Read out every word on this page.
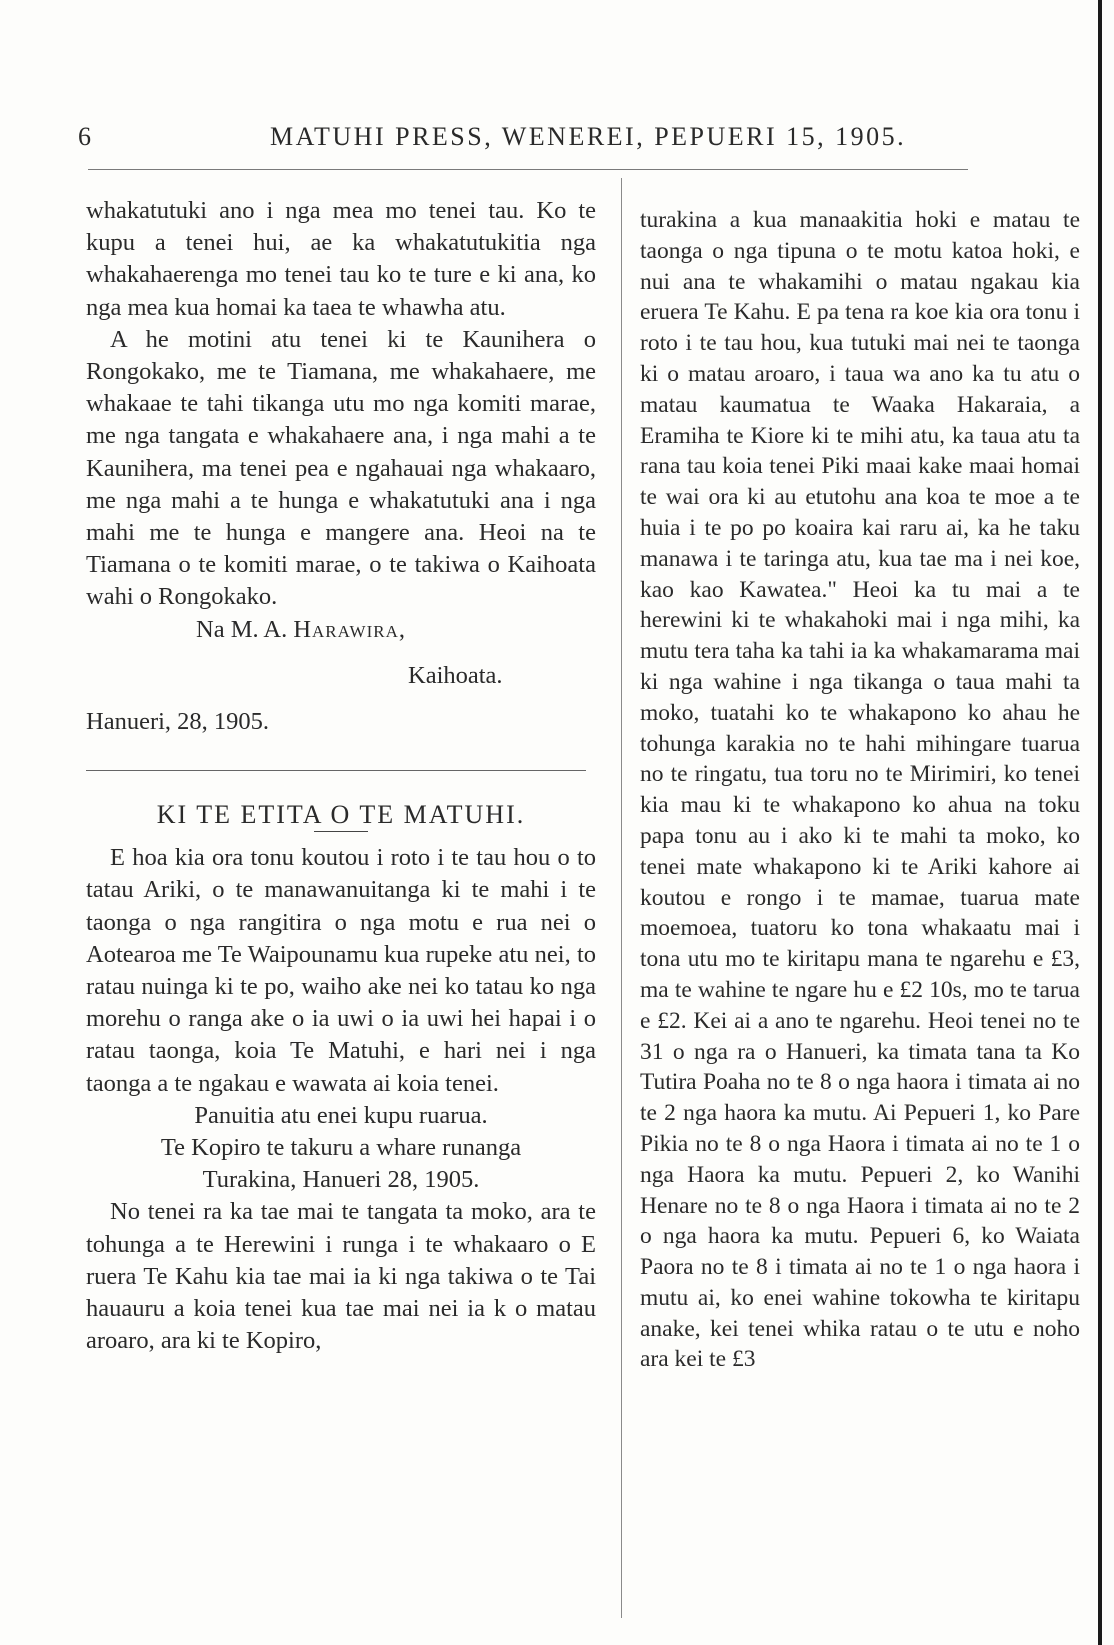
6	MATUHI PRESS, WENEREI, PEPUERI 15, 1905.

whakatutuki ano i nga mea mo tenei tau. Ko te kupu a tenei hui, ae ka whakatutukitia nga whakahaerenga mo tenei tau ko te ture e ki ana, ko nga mea kua homai ka taea te whawha atu.

A he motini atu tenei ki te Kaunihera o Rongokako, me te Tiamana, me whakahaere, me whakaae te tahi tikanga utu mo nga komiti marae, me nga tangata e whakahaere ana, i nga mahi a te Kaunihera, ma tenei pea e ngahauai nga whakaaro, me nga mahi a te hunga e whakatutuki ana i nga mahi me te hunga e mangere ana. Heoi na te Tiamana o te komiti marae, o te takiwa o Kaihoata wahi o Rongokako.

Na M. A. Harawira,

Kaihoata.

Hanueri, 28, 1905.

KI TE ETITA O TE MATUHI.

E hoa kia ora tonu koutou i roto i te tau hou o to tatau Ariki, o te manawanuitanga ki te mahi i te taonga o nga rangitira o nga motu e rua nei o Aotearoa me Te Waipounamu kua rupeke atu nei, to ratau nuinga ki te po, waiho ake nei ko tatau ko nga morehu o ranga ake o ia uwi o ia uwi hei hapai i o ratau taonga, koia Te Matuhi, e hari nei i nga taonga a te ngakau e wawata ai koia tenei.

Panuitia atu enei kupu ruarua.

Te Kopiro te takuru a whare runanga

Turakina, Hanueri 28, 1905.

No tenei ra ka tae mai te tangata ta moko, ara te tohunga a te Herewini i runga i te whakaaro o E ruera Te Kahu kia tae mai ia ki nga takiwa o te Tai hauauru a koia tenei kua tae mai nei ia k o matau aroaro, ara ki te Kopiro,

turakina a kua manaakitia hoki e matau te taonga o nga tipuna o te motu katoa hoki, e nui ana te whakamihi o matau ngakau kia eruera Te Kahu. E pa tena ra koe kia ora tonu i roto i te tau hou, kua tutuki mai nei te taonga ki o matau aroaro, i taua wa ano ka tu atu o matau kaumatua te Waaka Hakaraia, a Eramiha te Kiore ki te mihi atu, ka taua atu ta rana tau koia tenei Piki maai kake maai homai te wai ora ki au etutohu ana koa te moe a te huia i te po po koaira kai raru ai, ka he taku manawa i te taringa atu, kua tae ma i nei koe, kao kao Kawatea." Heoi ka tu mai a te herewini ki te whakahoki mai i nga mihi, ka mutu tera taha ka tahi ia ka whakamarama mai ki nga wahine i nga tikanga o taua mahi ta moko, tuatahi ko te whakapono ko ahau he tohunga karakia no te hahi mihingare tuarua no te ringatu, tua toru no te Mirimiri, ko tenei kia mau ki te whakapono ko ahua na toku papa tonu au i ako ki te mahi ta moko, ko tenei mate whakapono ki te Ariki kahore ai koutou e rongo i te mamae, tuarua mate moemoea, tuatoru ko tona whakaatu mai i tona utu mo te kiritapu mana te ngarehu e £3, ma te wahine te ngare hu e £2 10s, mo te tarua e £2. Kei ai a ano te ngarehu. Heoi tenei no te 31 o nga ra o Hanueri, ka timata tana ta Ko Tutira Poaha no te 8 o nga haora i timata ai no te 2 nga haora ka mutu. Ai Pepueri 1, ko Pare Pikia no te 8 o nga Haora i timata ai no te 1 o nga Haora ka mutu. Pepueri 2, ko Wanihi Henare no te 8 o nga Haora i timata ai no te 2 o nga haora ka mutu. Pepueri 6, ko Waiata Paora no te 8 i timata ai no te 1 o nga haora i mutu ai, ko enei wahine tokowha te kiritapu anake, kei tenei whika ratau o te utu e noho ara kei te £3
